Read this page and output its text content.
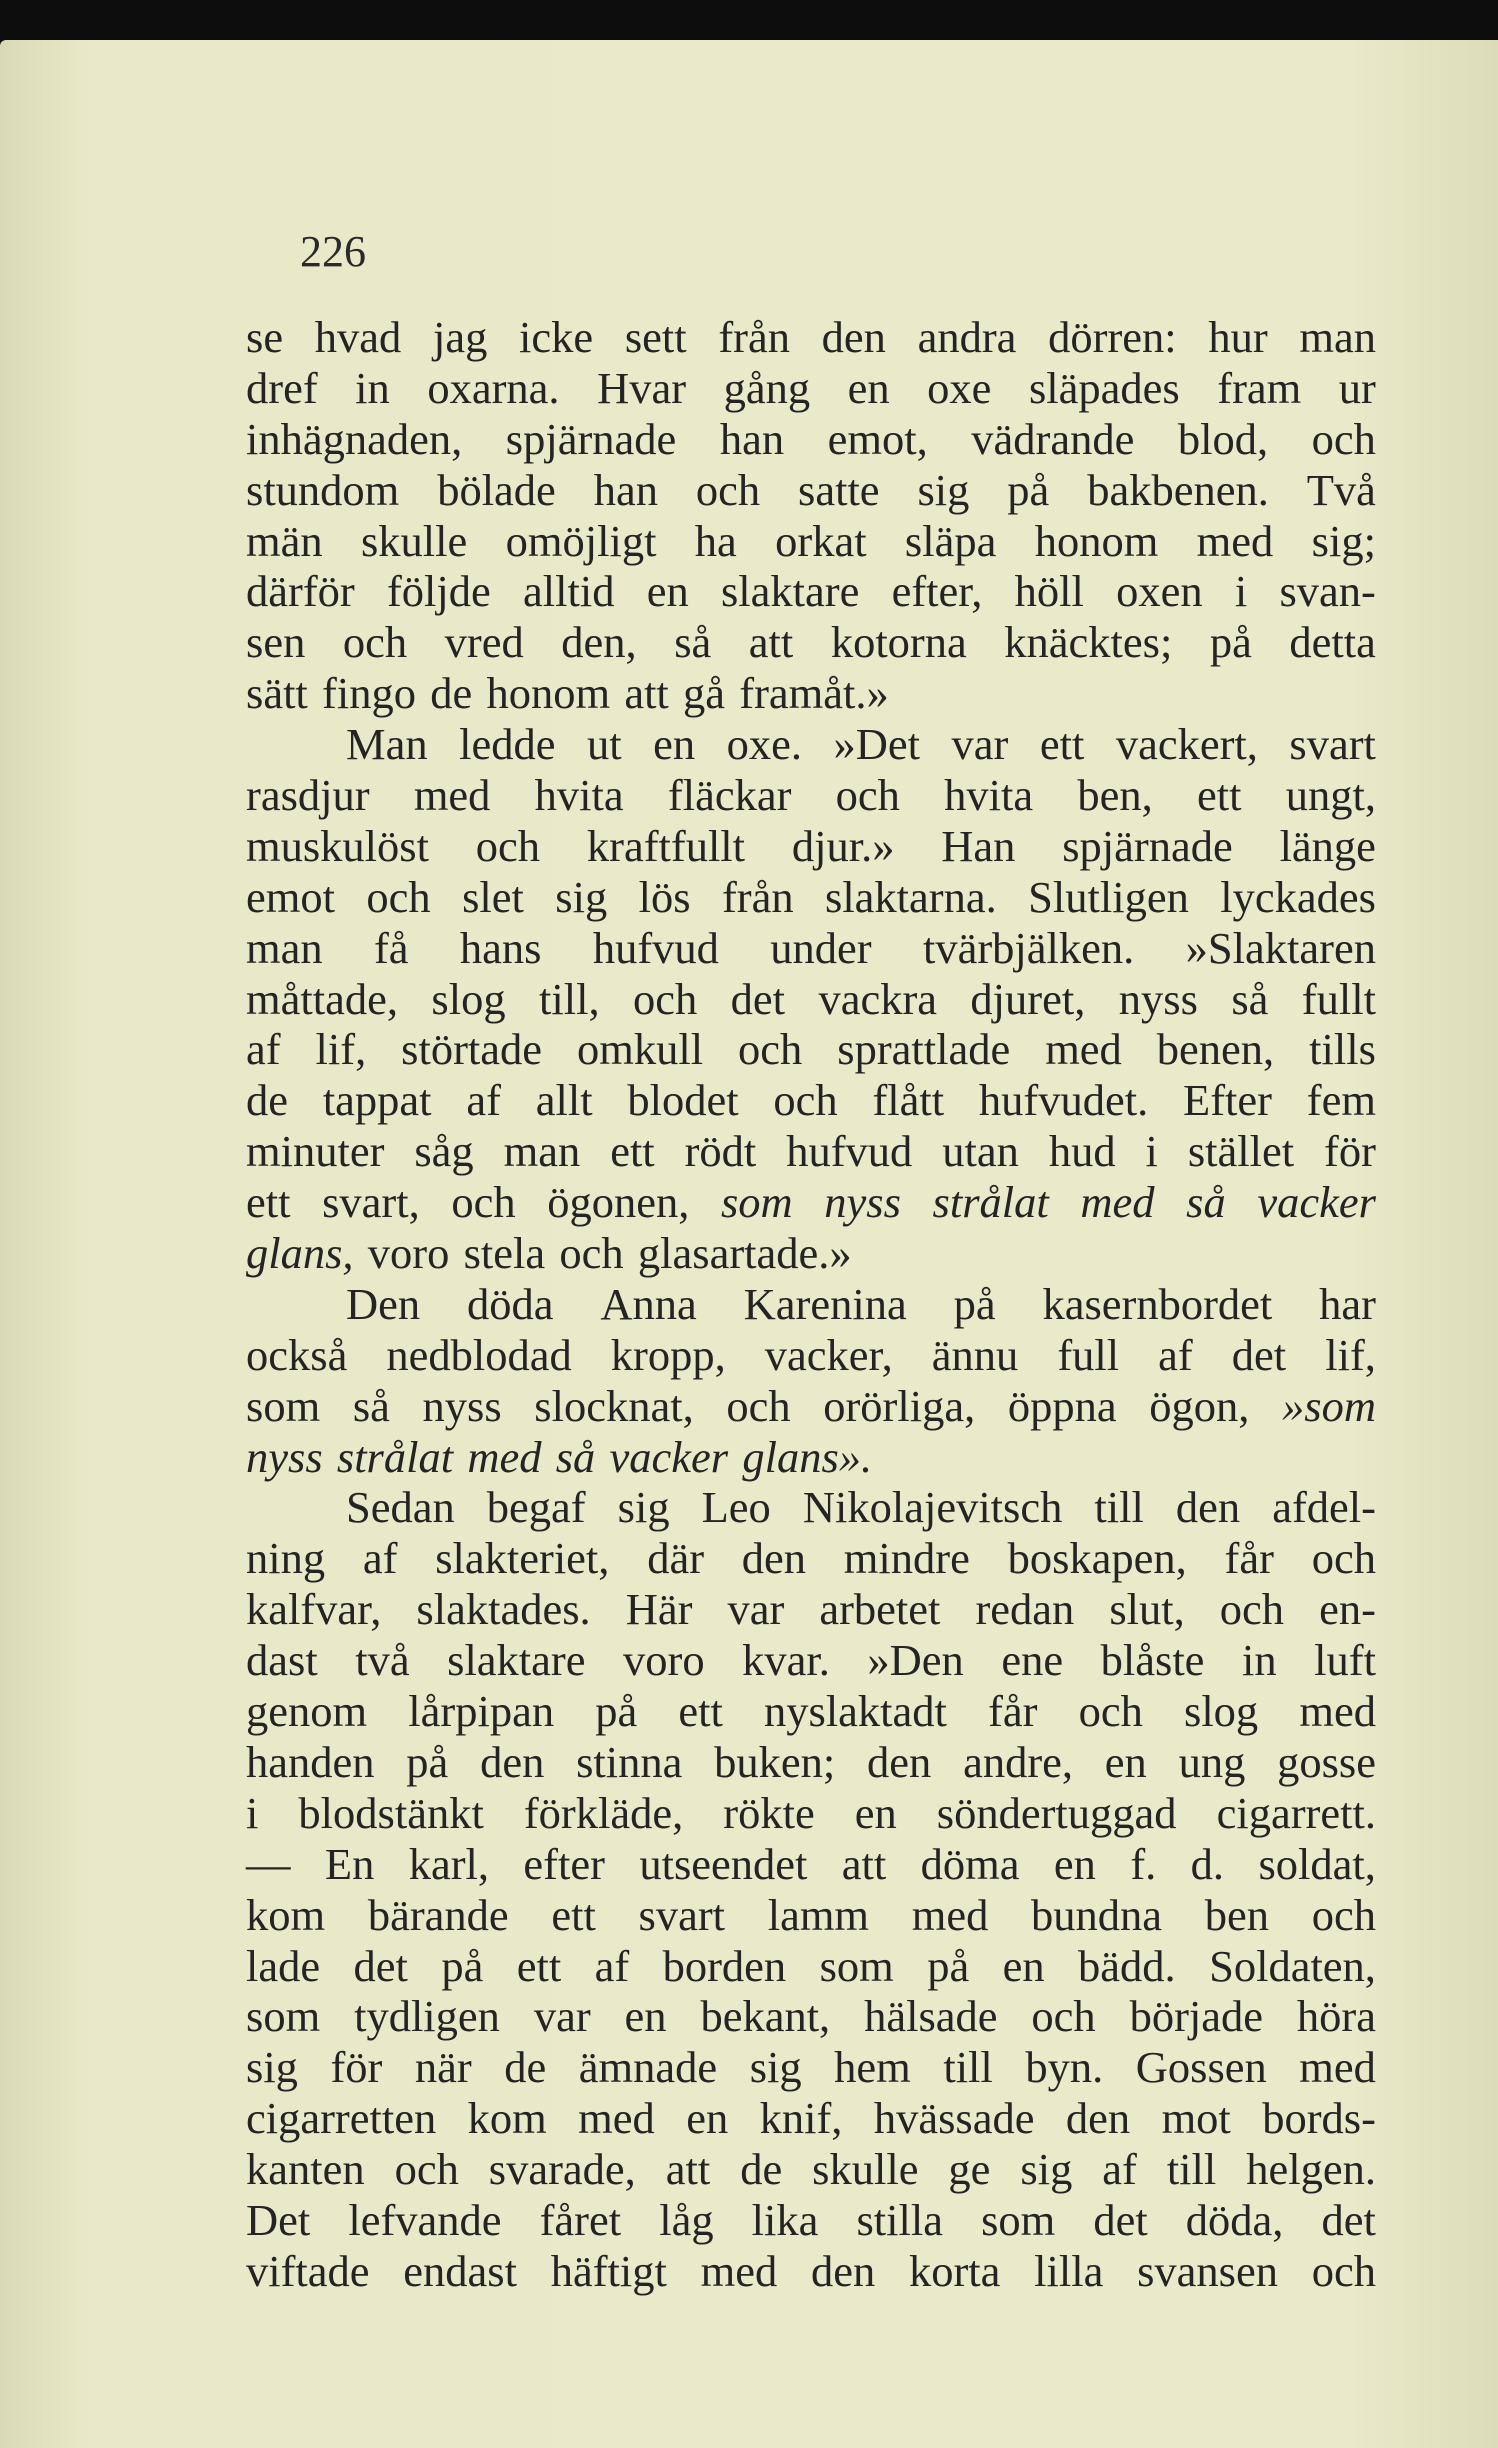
226

se hvad jag icke sett från den andra dörren: hur man
dref in oxarna. Hvar gång en oxe släpades fram ur
inhägnaden, spjärnade han emot, vädrande blod, och
stundom bölade han och satte sig på bakbenen. Två
män skulle omöjligt ha orkat släpa honom med sig;
därför följde alltid en slaktare efter, höll oxen i svan-
sen och vred den, så att kotorna knäcktes; på detta
sätt fingo de honom att gå framåt.»
Man ledde ut en oxe. »Det var ett vackert, svart
rasdjur med hvita fläckar och hvita ben, ett ungt,
muskulöst och kraftfullt djur.» Han spjärnade länge
emot och slet sig lös från slaktarna. Slutligen lyckades
man få hans hufvud under tvärbjälken. »Slaktaren
måttade, slog till, och det vackra djuret, nyss så fullt
af lif, störtade omkull och sprattlade med benen, tills
de tappat af allt blodet och flått hufvudet. Efter fem
minuter såg man ett rödt hufvud utan hud i stället för
ett svart, och ögonen, som nyss strålat med så vacker
glans, voro stela och glasartade.»
Den döda Anna Karenina på kasernbordet har
också nedblodad kropp, vacker, ännu full af det lif,
som så nyss slocknat, och orörliga, öppna ögon, »som
nyss strålat med så vacker glans».
Sedan begaf sig Leo Nikolajevitsch till den afdel-
ning af slakteriet, där den mindre boskapen, får och
kalfvar, slaktades. Här var arbetet redan slut, och en-
dast två slaktare voro kvar. »Den ene blåste in luft
genom lårpipan på ett nyslaktadt får och slog med
handen på den stinna buken; den andre, en ung gosse
i blodstänkt förkläde, rökte en söndertuggad cigarrett.
— En karl, efter utseendet att döma en f. d. soldat,
kom bärande ett svart lamm med bundna ben och
lade det på ett af borden som på en bädd. Soldaten,
som tydligen var en bekant, hälsade och började höra
sig för när de ämnade sig hem till byn. Gossen med
cigarretten kom med en knif, hvässade den mot bords-
kanten och svarade, att de skulle ge sig af till helgen.
Det lefvande fåret låg lika stilla som det döda, det
viftade endast häftigt med den korta lilla svansen och
